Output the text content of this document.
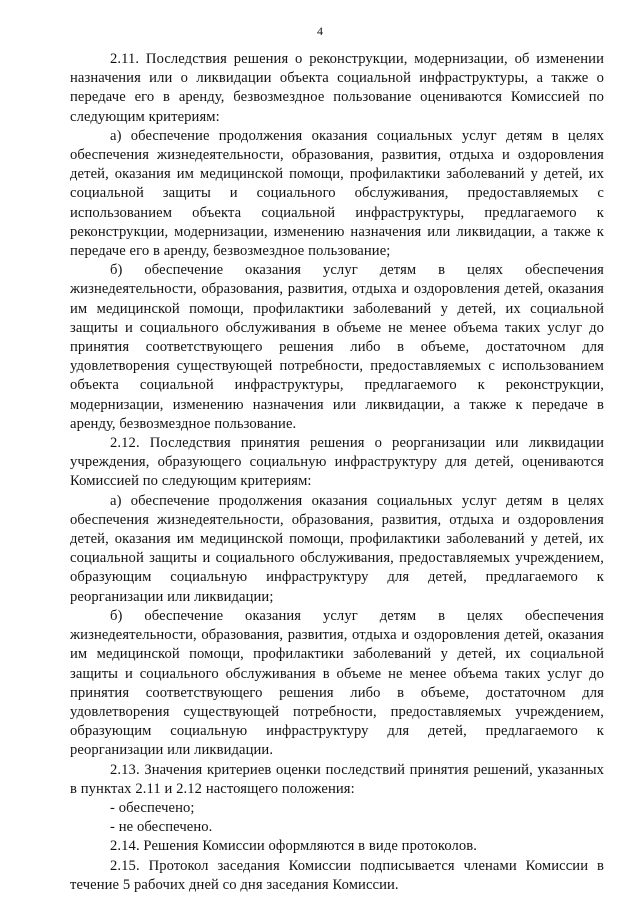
4

2.11. Последствия решения о реконструкции, модернизации, об изменении назначения или о ликвидации объекта социальной инфраструктуры, а также о передаче его в аренду, безвозмездное пользование оцениваются Комиссией по следующим критериям:

а) обеспечение продолжения оказания социальных услуг детям в целях обеспечения жизнедеятельности, образования, развития, отдыха и оздоровления детей, оказания им медицинской помощи, профилактики заболеваний у детей, их социальной защиты и социального обслуживания, предоставляемых с использованием объекта социальной инфраструктуры, предлагаемого к реконструкции, модернизации, изменению назначения или ликвидации, а также к передаче его в аренду, безвозмездное пользование;

б) обеспечение оказания услуг детям в целях обеспечения жизнедеятельности, образования, развития, отдыха и оздоровления детей, оказания им медицинской помощи, профилактики заболеваний у детей, их социальной защиты и социального обслуживания в объеме не менее объема таких услуг до принятия соответствующего решения либо в объеме, достаточном для удовлетворения существующей потребности, предоставляемых с использованием объекта социальной инфраструктуры, предлагаемого к реконструкции, модернизации, изменению назначения или ликвидации, а также к передаче в аренду, безвозмездное пользование.

2.12. Последствия принятия решения о реорганизации или ликвидации учреждения, образующего социальную инфраструктуру для детей, оцениваются Комиссией по следующим критериям:

а) обеспечение продолжения оказания социальных услуг детям в целях обеспечения жизнедеятельности, образования, развития, отдыха и оздоровления детей, оказания им медицинской помощи, профилактики заболеваний у детей, их социальной защиты и социального обслуживания, предоставляемых учреждением, образующим социальную инфраструктуру для детей, предлагаемого к реорганизации или ликвидации;

б) обеспечение оказания услуг детям в целях обеспечения жизнедеятельности, образования, развития, отдыха и оздоровления детей, оказания им медицинской помощи, профилактики заболеваний у детей, их социальной защиты и социального обслуживания в объеме не менее объема таких услуг до принятия соответствующего решения либо в объеме, достаточном для удовлетворения существующей потребности, предоставляемых учреждением, образующим социальную инфраструктуру для детей, предлагаемого к реорганизации или ликвидации.

2.13. Значения критериев оценки последствий принятия решений, указанных в пунктах 2.11 и 2.12 настоящего положения:

- обеспечено;

- не обеспечено.

2.14. Решения Комиссии оформляются в виде протоколов.

2.15. Протокол заседания Комиссии подписывается членами Комиссии в течение 5 рабочих дней со дня заседания Комиссии.
